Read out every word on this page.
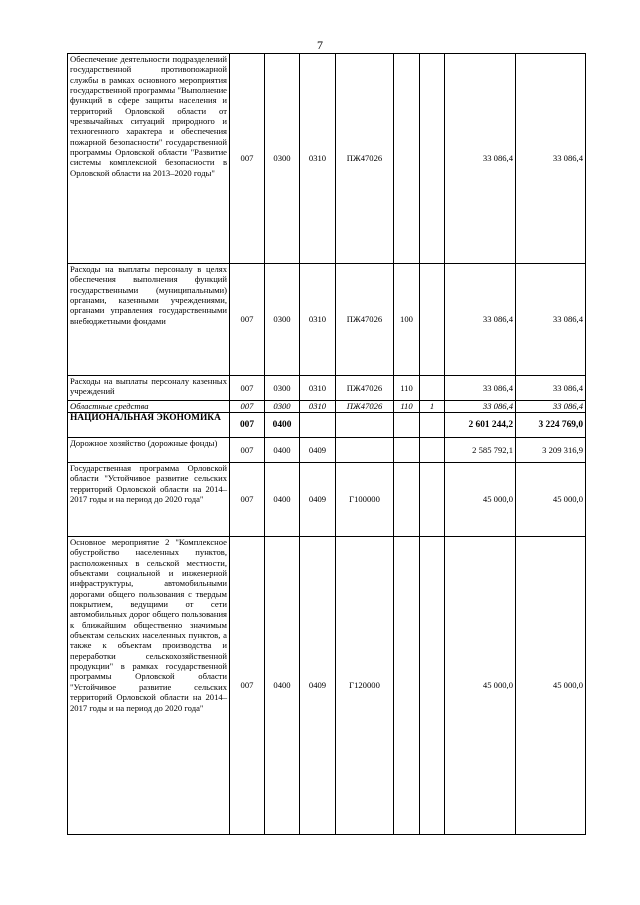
7
Обеспечение деятельности подразделений государственной противопожарной службы в рамках основного мероприятия государственной программы "Выполнение функций в сфере защиты населения и территорий Орловской области от чрезвычайных ситуаций природного и техногенного характера и обеспечения пожарной безопасности" государственной программы Орловской области "Развитие системы комплексной безопасности в Орловской области на 2013–2020 годы"	007	0300	0310	ПЖ47026			33 086,4	33 086,4
Расходы на выплаты персоналу в целях обеспечения выполнения функций государственными (муниципальными) органами, казенными учреждениями, органами управления государственными внебюджетными фондами	007	0300	0310	ПЖ47026	100		33 086,4	33 086,4
Расходы на выплаты персоналу казенных учреждений	007	0300	0310	ПЖ47026	110		33 086,4	33 086,4
Областные средства	007	0300	0310	ПЖ47026	110	1	33 086,4	33 086,4
НАЦИОНАЛЬНАЯ ЭКОНОМИКА	007	0400					2 601 244,2	3 224 769,0
Дорожное хозяйство (дорожные фонды)	007	0400	0409				2 585 792,1	3 209 316,9
Государственная программа Орловской области "Устойчивое развитие сельских территорий Орловской области на 2014–2017 годы и на период до 2020 года"	007	0400	0409	Г100000			45 000,0	45 000,0
Основное мероприятие 2 "Комплексное обустройство населенных пунктов, расположенных в сельской местности, объектами социальной и инженерной инфраструктуры, автомобильными дорогами общего пользования с твердым покрытием, ведущими от сети автомобильных дорог общего пользования к ближайшим общественно значимым объектам сельских населенных пунктов, а также к объектам производства и переработки сельскохозяйственной продукции" в рамках государственной программы Орловской области "Устойчивое развитие сельских территорий Орловской области на 2014–2017 годы и на период до 2020 года"	007	0400	0409	Г120000			45 000,0	45 000,0
